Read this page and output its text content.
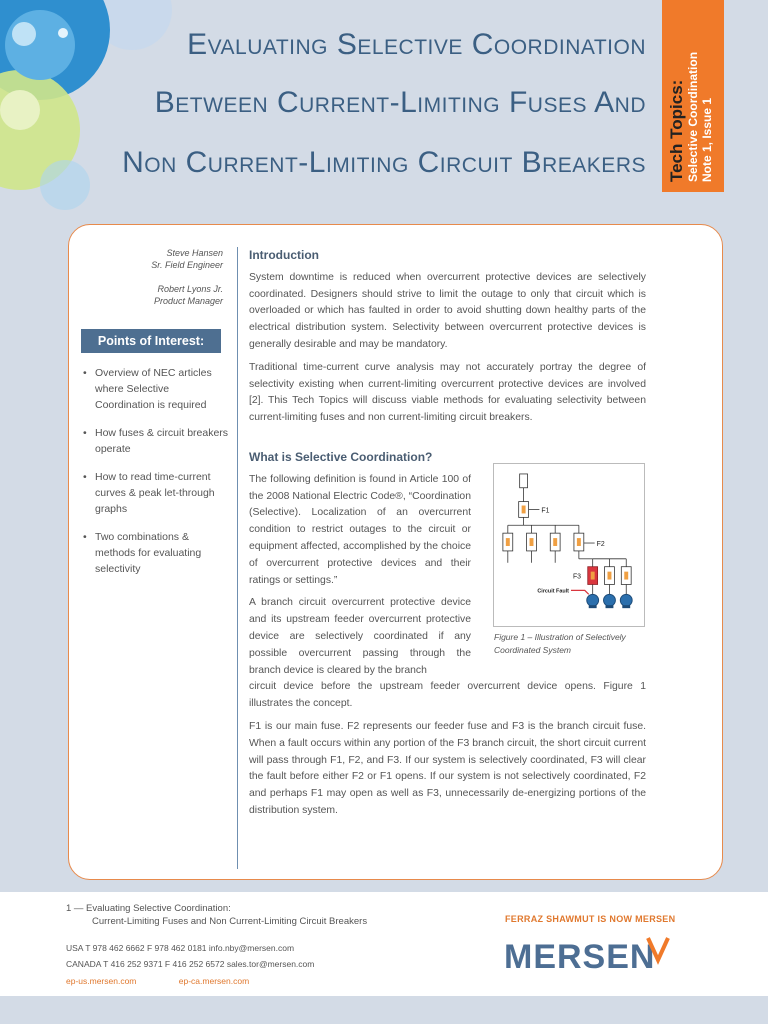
Evaluating Selective Coordination
Between Current-Limiting Fuses And
Non Current-Limiting Circuit Breakers Tech Topics: Selective Coordination Note 1, Issue 1

Steve Hansen
Sr. Field Engineer

Robert Lyons Jr.
Product Manager

Points of Interest:
• Overview of NEC articles where Selective Coordination is required
• How fuses & circuit breakers operate
• How to read time-current curves & peak let-through graphs
• Two combinations & methods for evaluating selectivity
Introduction

System downtime is reduced when overcurrent protective devices are selectively coordinated. Designers should strive to limit the outage to only that circuit which is overloaded or which has faulted in order to avoid shutting down healthy parts of the electrical distribution system. Selectivity between overcurrent protective devices is generally desirable and may be mandatory.

Traditional time-current curve analysis may not accurately portray the degree of selectivity existing when current-limiting overcurrent protective devices are involved [2]. This Tech Topics will discuss viable methods for evaluating selectivity between current-limiting fuses and non current-limiting circuit breakers.

What is Selective Coordination?

The following definition is found in Article 100 of the 2008 National Electric Code®, “Coordination (Selective). Localization of an overcurrent condition to restrict outages to the circuit or equipment affected, accomplished by the choice of overcurrent protective devices and their ratings or settings.”

A branch circuit overcurrent protective device and its upstream feeder overcurrent protective device are selectively coordinated if any possible overcurrent passing through the branch device is cleared by the branch

circuit device before the upstream feeder overcurrent device opens. Figure 1 illustrates the concept.

F1 is our main fuse. F2 represents our feeder fuse and F3 is the branch circuit fuse. When a fault occurs within any portion of the F3 branch circuit, the short circuit current will pass through F1, F2, and F3. If our system is selectively coordinated, F3 will clear the fault before either F2 or F1 opens. If our system is not selectively coordinated, F2 and perhaps F1 may open as well as F3, unnecessarily de-energizing portions of the distribution system.

F1
F2
F3
Circuit Fault
Figure 1 – Illustration of Selectively Coordinated System
1 — Evaluating Selective Coordination:
Current-Limiting Fuses and Non Current-Limiting Circuit Breakers
USA T 978 462 6662 F 978 462 0181 info.nby@mersen.com
CANADA T 416 252 9371 F 416 252 6572 sales.tor@mersen.com
ep-us.mersen.com	ep-ca.mersen.com
FERRAZ SHAWMUT IS NOW MERSEN
MERSEN
